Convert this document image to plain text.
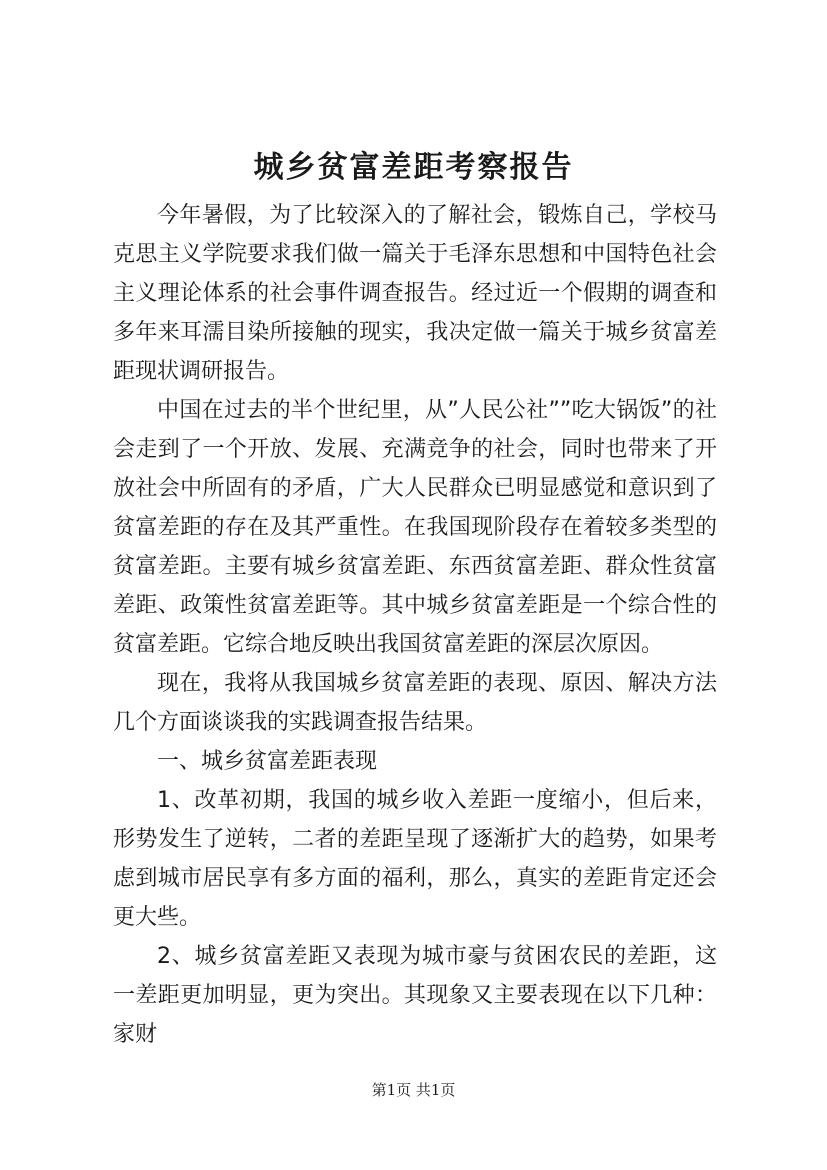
城乡贫富差距考察报告

今年暑假，为了比较深入的了解社会，锻炼自己，学校马克思主义学院要求我们做一篇关于毛泽东思想和中国特色社会主义理论体系的社会事件调查报告。经过近一个假期的调查和多年来耳濡目染所接触的现实，我决定做一篇关于城乡贫富差距现状调研报告。

中国在过去的半个世纪里，从”人民公社””吃大锅饭”的社会走到了一个开放、发展、充满竞争的社会，同时也带来了开放社会中所固有的矛盾，广大人民群众已明显感觉和意识到了贫富差距的存在及其严重性。在我国现阶段存在着较多类型的贫富差距。主要有城乡贫富差距、东西贫富差距、群众性贫富差距、政策性贫富差距等。其中城乡贫富差距是一个综合性的贫富差距。它综合地反映出我国贫富差距的深层次原因。

现在，我将从我国城乡贫富差距的表现、原因、解决方法几个方面谈谈我的实践调查报告结果。

一、城乡贫富差距表现

1、改革初期，我国的城乡收入差距一度缩小，但后来，形势发生了逆转，二者的差距呈现了逐渐扩大的趋势，如果考虑到城市居民享有多方面的福利，那么，真实的差距肯定还会更大些。

2、城乡贫富差距又表现为城市豪与贫困农民的差距，这一差距更加明显，更为突出。其现象又主要表现在以下几种：家财

第1页 共1页
